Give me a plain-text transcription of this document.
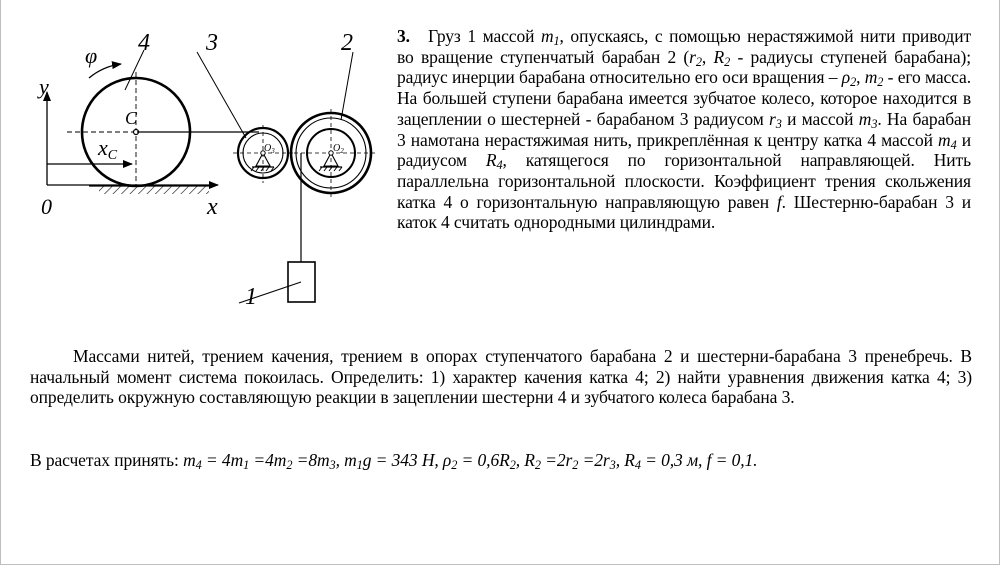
φ 4 3	2
1
y
x
0
C
xC	$O_3$	$O_2$
3. Груз 1 массой $m_1$, опускаясь, с помощью нерастяжимой нити приводит во вращение ступенчатый барабан 2 ($r_2$, $R_2$ - радиусы ступеней барабана); радиус инерции барабана относительно его оси вращения – $\rho_2$, $m_2$ - его масса. На большей ступени барабана имеется зубчатое колесо, которое находится в зацеплении о шестерней - барабаном 3 радиусом $r_3$ и массой $m_3$. На барабан 3 намотана нерастяжимая нить, прикреплённая к центру катка 4 массой $m_4$ и радиусом $R_4$, катящегося по горизонтальной направляющей. Нить параллельна горизонтальной плоскости. Коэффициент трения скольжения катка 4 о горизонтальную направляющую равен f. Шестерню-барабан 3 и каток 4 считать однородными цилиндрами.
Массами нитей, трением качения, трением в опорах ступенчатого барабана 2 и шестерни-барабана 3 пренебречь. В начальный момент система покоилась. Определить: 1) характер качения катка 4; 2) найти уравнения движения катка 4; 3) определить окружную составляющую реакции в зацеплении шестерни 4 и зубчатого колеса барабана 3.
В расчетах принять: $m_4 = 4m_1 =4m_2 =8m_3$, $m_1g = 343$ Н, $\rho_2 = 0,6R_2$, $R_2 =2r_2 =2r_3$, $R_4 = 0,3$ м, f = 0,1.
